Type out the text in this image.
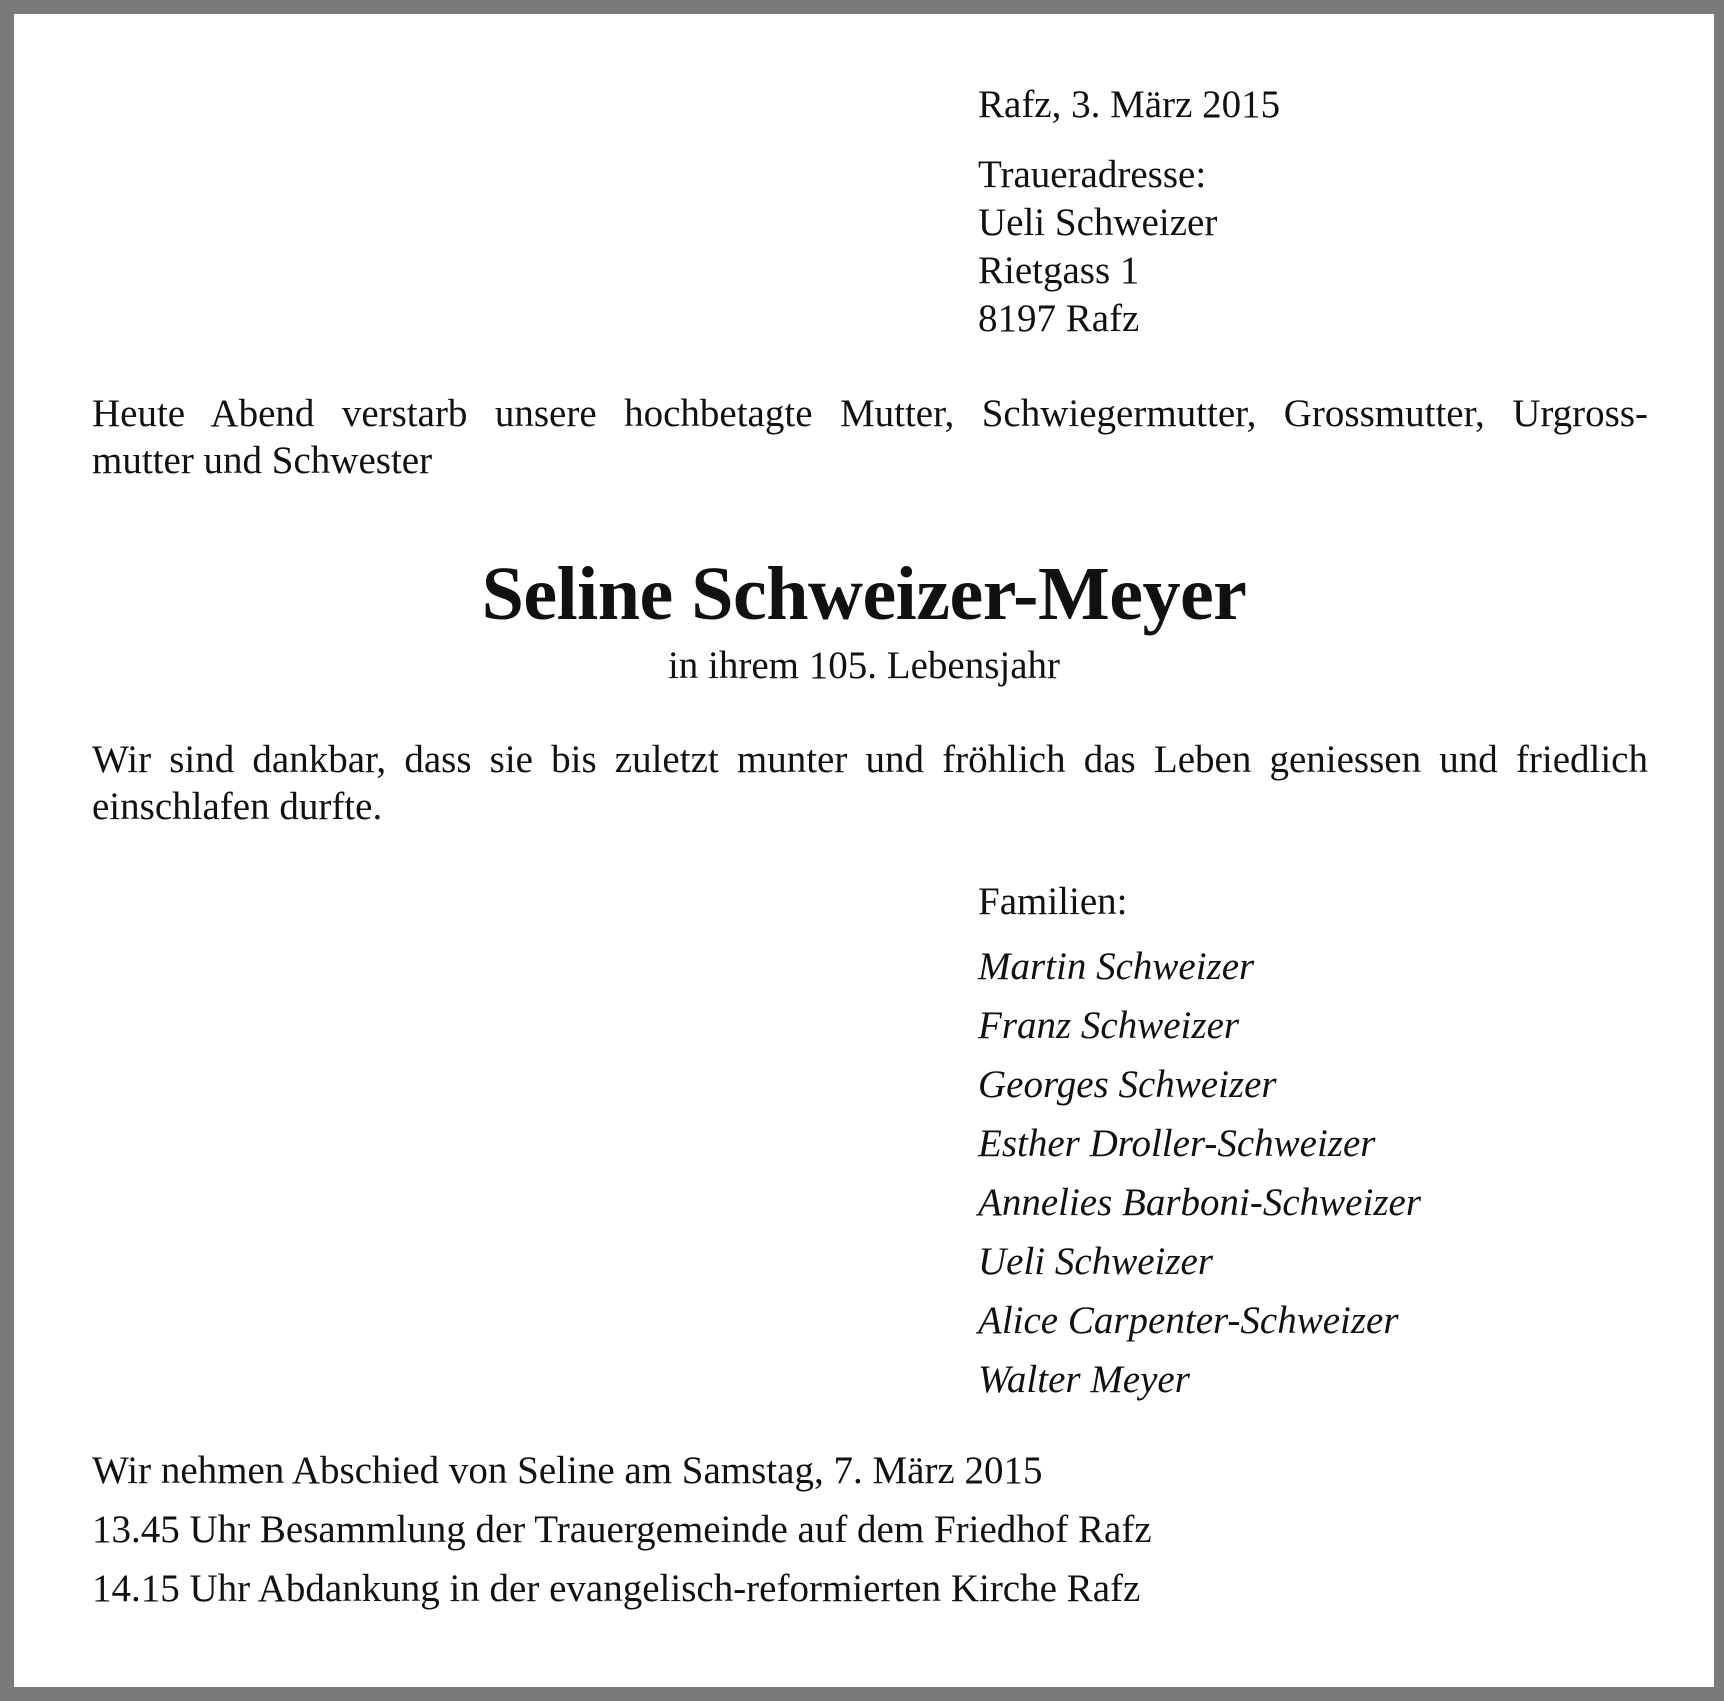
Rafz, 3. März 2015
Traueradresse:
Ueli Schweizer
Rietgass 1
8197 Rafz
Heute Abend verstarb unsere hochbetagte Mutter, Schwiegermutter, Grossmutter, Urgross-
mutter und Schwester
Seline Schweizer-Meyer
in ihrem 105. Lebensjahr
Wir sind dankbar, dass sie bis zuletzt munter und fröhlich das Leben geniessen und friedlich
einschlafen durfte.
Familien:
Martin Schweizer
Franz Schweizer
Georges Schweizer
Esther Droller-Schweizer
Annelies Barboni-Schweizer
Ueli Schweizer
Alice Carpenter-Schweizer
Walter Meyer
Wir nehmen Abschied von Seline am Samstag, 7. März 2015
13.45 Uhr Besammlung der Trauergemeinde auf dem Friedhof Rafz
14.15 Uhr Abdankung in der evangelisch-reformierten Kirche Rafz
